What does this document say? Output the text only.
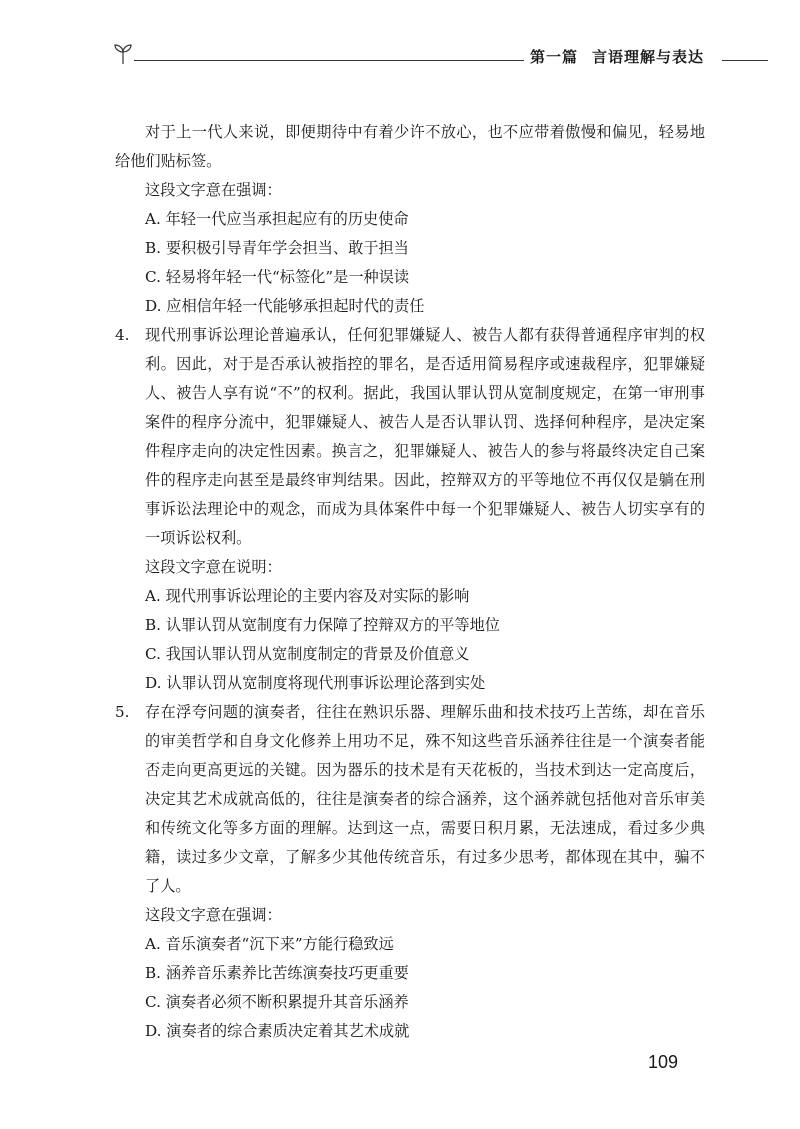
第一篇 言语理解与表达

对于上一代人来说，即便期待中有着少许不放心，也不应带着傲慢和偏见，轻易地给他们贴标签。

这段文字意在强调：

A. 年轻一代应当承担起应有的历史使命

B. 要积极引导青年学会担当、敢于担当

C. 轻易将年轻一代“标签化”是一种误读

D. 应相信年轻一代能够承担起时代的责任

4. 现代刑事诉讼理论普遍承认，任何犯罪嫌疑人、被告人都有获得普通程序审判的权利。因此，对于是否承认被指控的罪名，是否适用简易程序或速裁程序，犯罪嫌疑人、被告人享有说“不”的权利。据此，我国认罪认罚从宽制度规定，在第一审刑事案件的程序分流中，犯罪嫌疑人、被告人是否认罪认罚、选择何种程序，是决定案件程序走向的决定性因素。换言之，犯罪嫌疑人、被告人的参与将最终决定自己案件的程序走向甚至是最终审判结果。因此，控辩双方的平等地位不再仅仅是躺在刑事诉讼法理论中的观念，而成为具体案件中每一个犯罪嫌疑人、被告人切实享有的一项诉讼权利。

这段文字意在说明：

A. 现代刑事诉讼理论的主要内容及对实际的影响

B. 认罪认罚从宽制度有力保障了控辩双方的平等地位

C. 我国认罪认罚从宽制度制定的背景及价值意义

D. 认罪认罚从宽制度将现代刑事诉讼理论落到实处

5. 存在浮夸问题的演奏者，往往在熟识乐器、理解乐曲和技术技巧上苦练，却在音乐的审美哲学和自身文化修养上用功不足，殊不知这些音乐涵养往往是一个演奏者能否走向更高更远的关键。因为器乐的技术是有天花板的，当技术到达一定高度后，决定其艺术成就高低的，往往是演奏者的综合涵养，这个涵养就包括他对音乐审美和传统文化等多方面的理解。达到这一点，需要日积月累，无法速成，看过多少典籍，读过多少文章，了解多少其他传统音乐，有过多少思考，都体现在其中，骗不了人。

这段文字意在强调：

A. 音乐演奏者“沉下来”方能行稳致远

B. 涵养音乐素养比苦练演奏技巧更重要

C. 演奏者必须不断积累提升其音乐涵养

D. 演奏者的综合素质决定着其艺术成就

109
